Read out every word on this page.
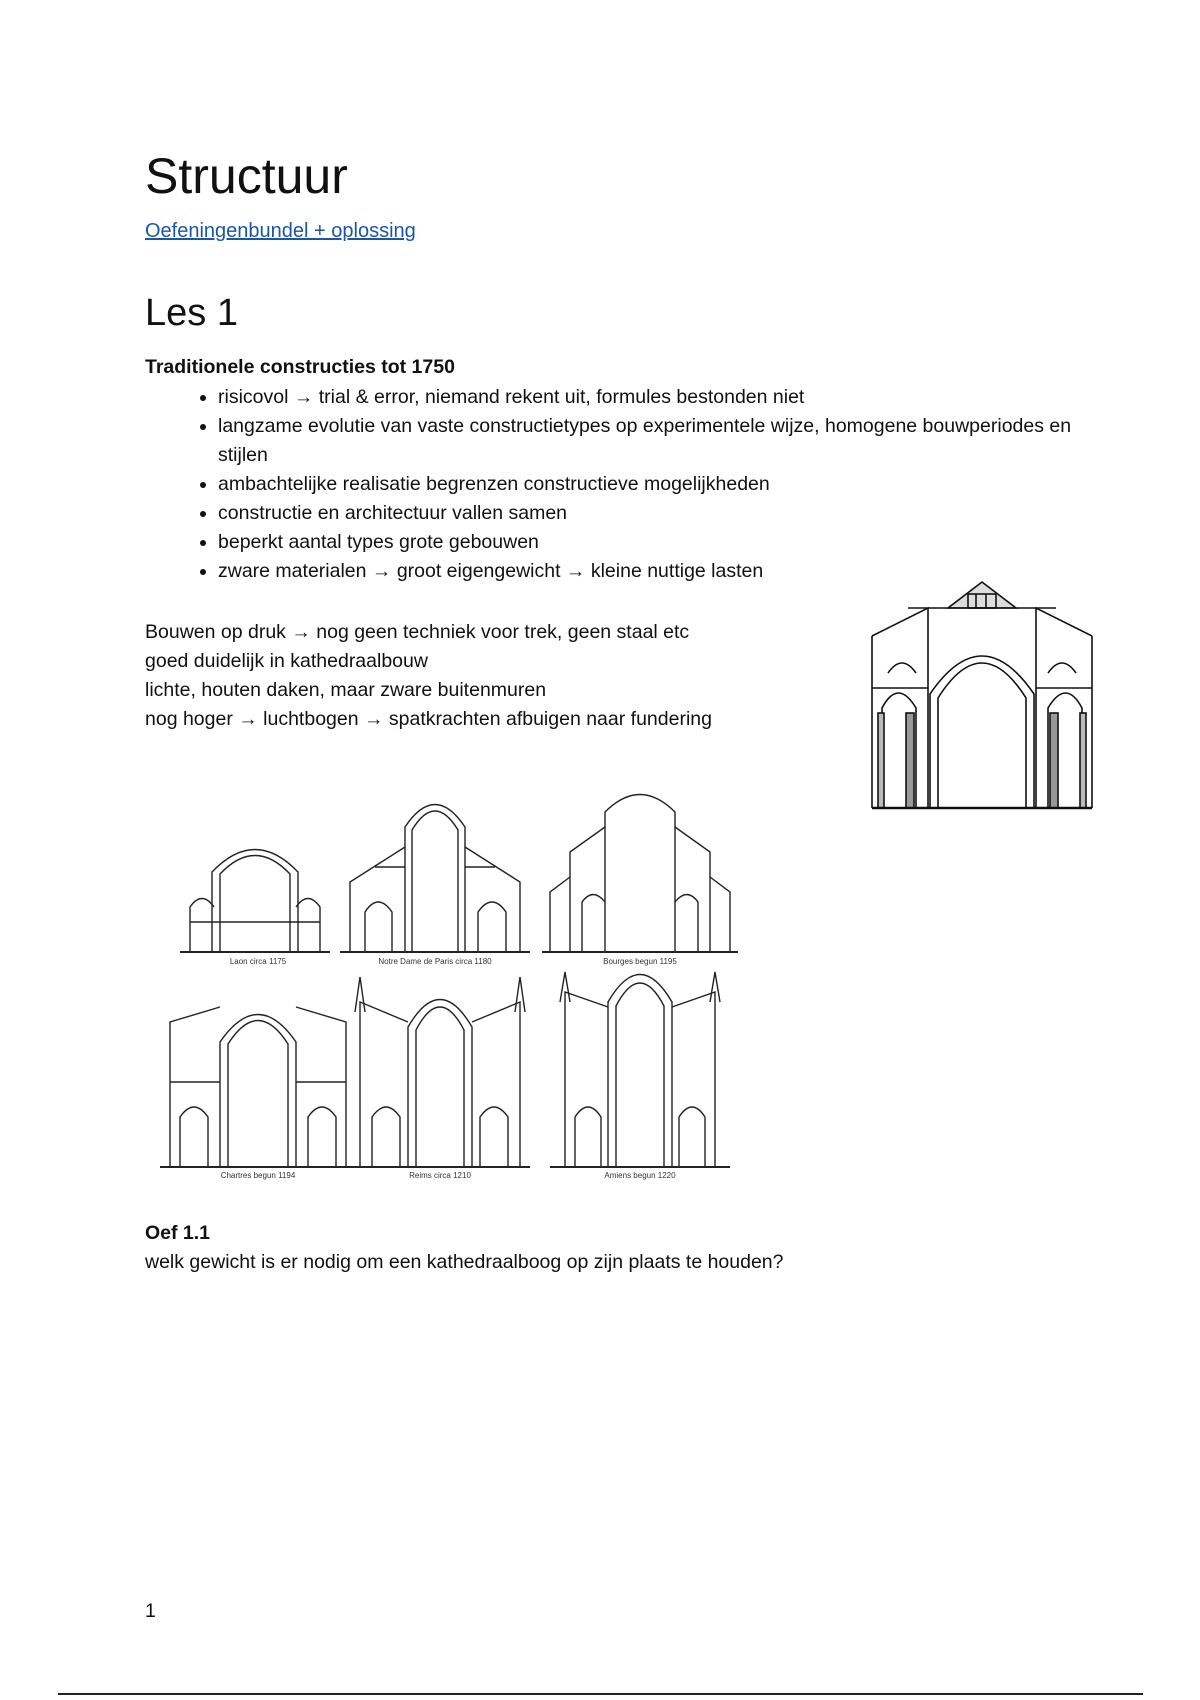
Structuur
Oefeningenbundel + oplossing
Les 1
Traditionele constructies tot 1750
• risicovol → trial & error, niemand rekent uit, formules bestonden niet
• langzame evolutie van vaste constructietypes op experimentele wijze, homogene bouwperiodes en stijlen
• ambachtelijke realisatie begrenzen constructieve mogelijkheden
• constructie en architectuur vallen samen
• beperkt aantal types grote gebouwen
• zware materialen → groot eigengewicht → kleine nuttige lasten
Bouwen op druk → nog geen techniek voor trek, geen staal etc
goed duidelijk in kathedraalbouw
lichte, houten daken, maar zware buitenmuren
nog hoger → luchtbogen → spatkrachten afbuigen naar fundering
Laon circa 1175	Notre Dame de Paris circa 1180	Bourges begun 1195
Chartres begun 1194	Reims circa 1210	Amiens begun 1220
Oef 1.1
welk gewicht is er nodig om een kathedraalboog op zijn plaats te houden?
1
